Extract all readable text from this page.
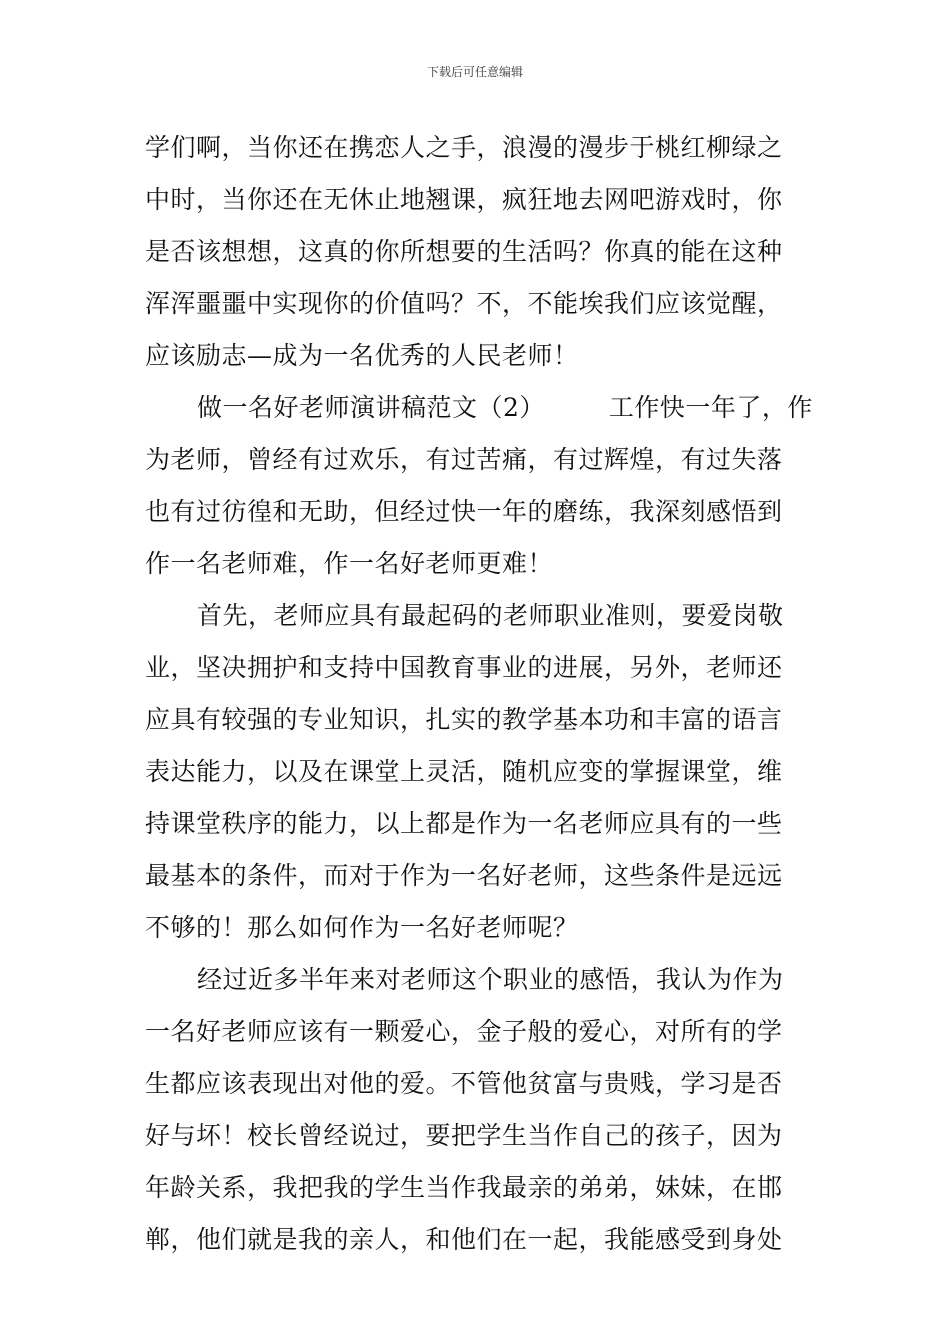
下载后可任意编辑
学们啊，当你还在携恋人之手，浪漫的漫步于桃红柳绿之
中时，当你还在无休止地翘课，疯狂地去网吧游戏时，你
是否该想想，这真的你所想要的生活吗？你真的能在这种
浑浑噩噩中实现你的价值吗？不，不能埃我们应该觉醒，
应该励志—成为一名优秀的人民老师！
做一名好老师演讲稿范文（2）	工作快一年了，作
为老师，曾经有过欢乐，有过苦痛，有过辉煌，有过失落
也有过彷徨和无助，但经过快一年的磨练，我深刻感悟到
作一名老师难，作一名好老师更难！
首先，老师应具有最起码的老师职业准则，要爱岗敬
业，坚决拥护和支持中国教育事业的进展，另外，老师还
应具有较强的专业知识，扎实的教学基本功和丰富的语言
表达能力，以及在课堂上灵活，随机应变的掌握课堂，维
持课堂秩序的能力，以上都是作为一名老师应具有的一些
最基本的条件，而对于作为一名好老师，这些条件是远远
不够的！那么如何作为一名好老师呢？
经过近多半年来对老师这个职业的感悟，我认为作为
一名好老师应该有一颗爱心，金子般的爱心，对所有的学
生都应该表现出对他的爱。不管他贫富与贵贱，学习是否
好与坏！校长曾经说过，要把学生当作自己的孩子，因为
年龄关系，我把我的学生当作我最亲的弟弟，妹妹，在邯
郸，他们就是我的亲人，和他们在一起，我能感受到身处
